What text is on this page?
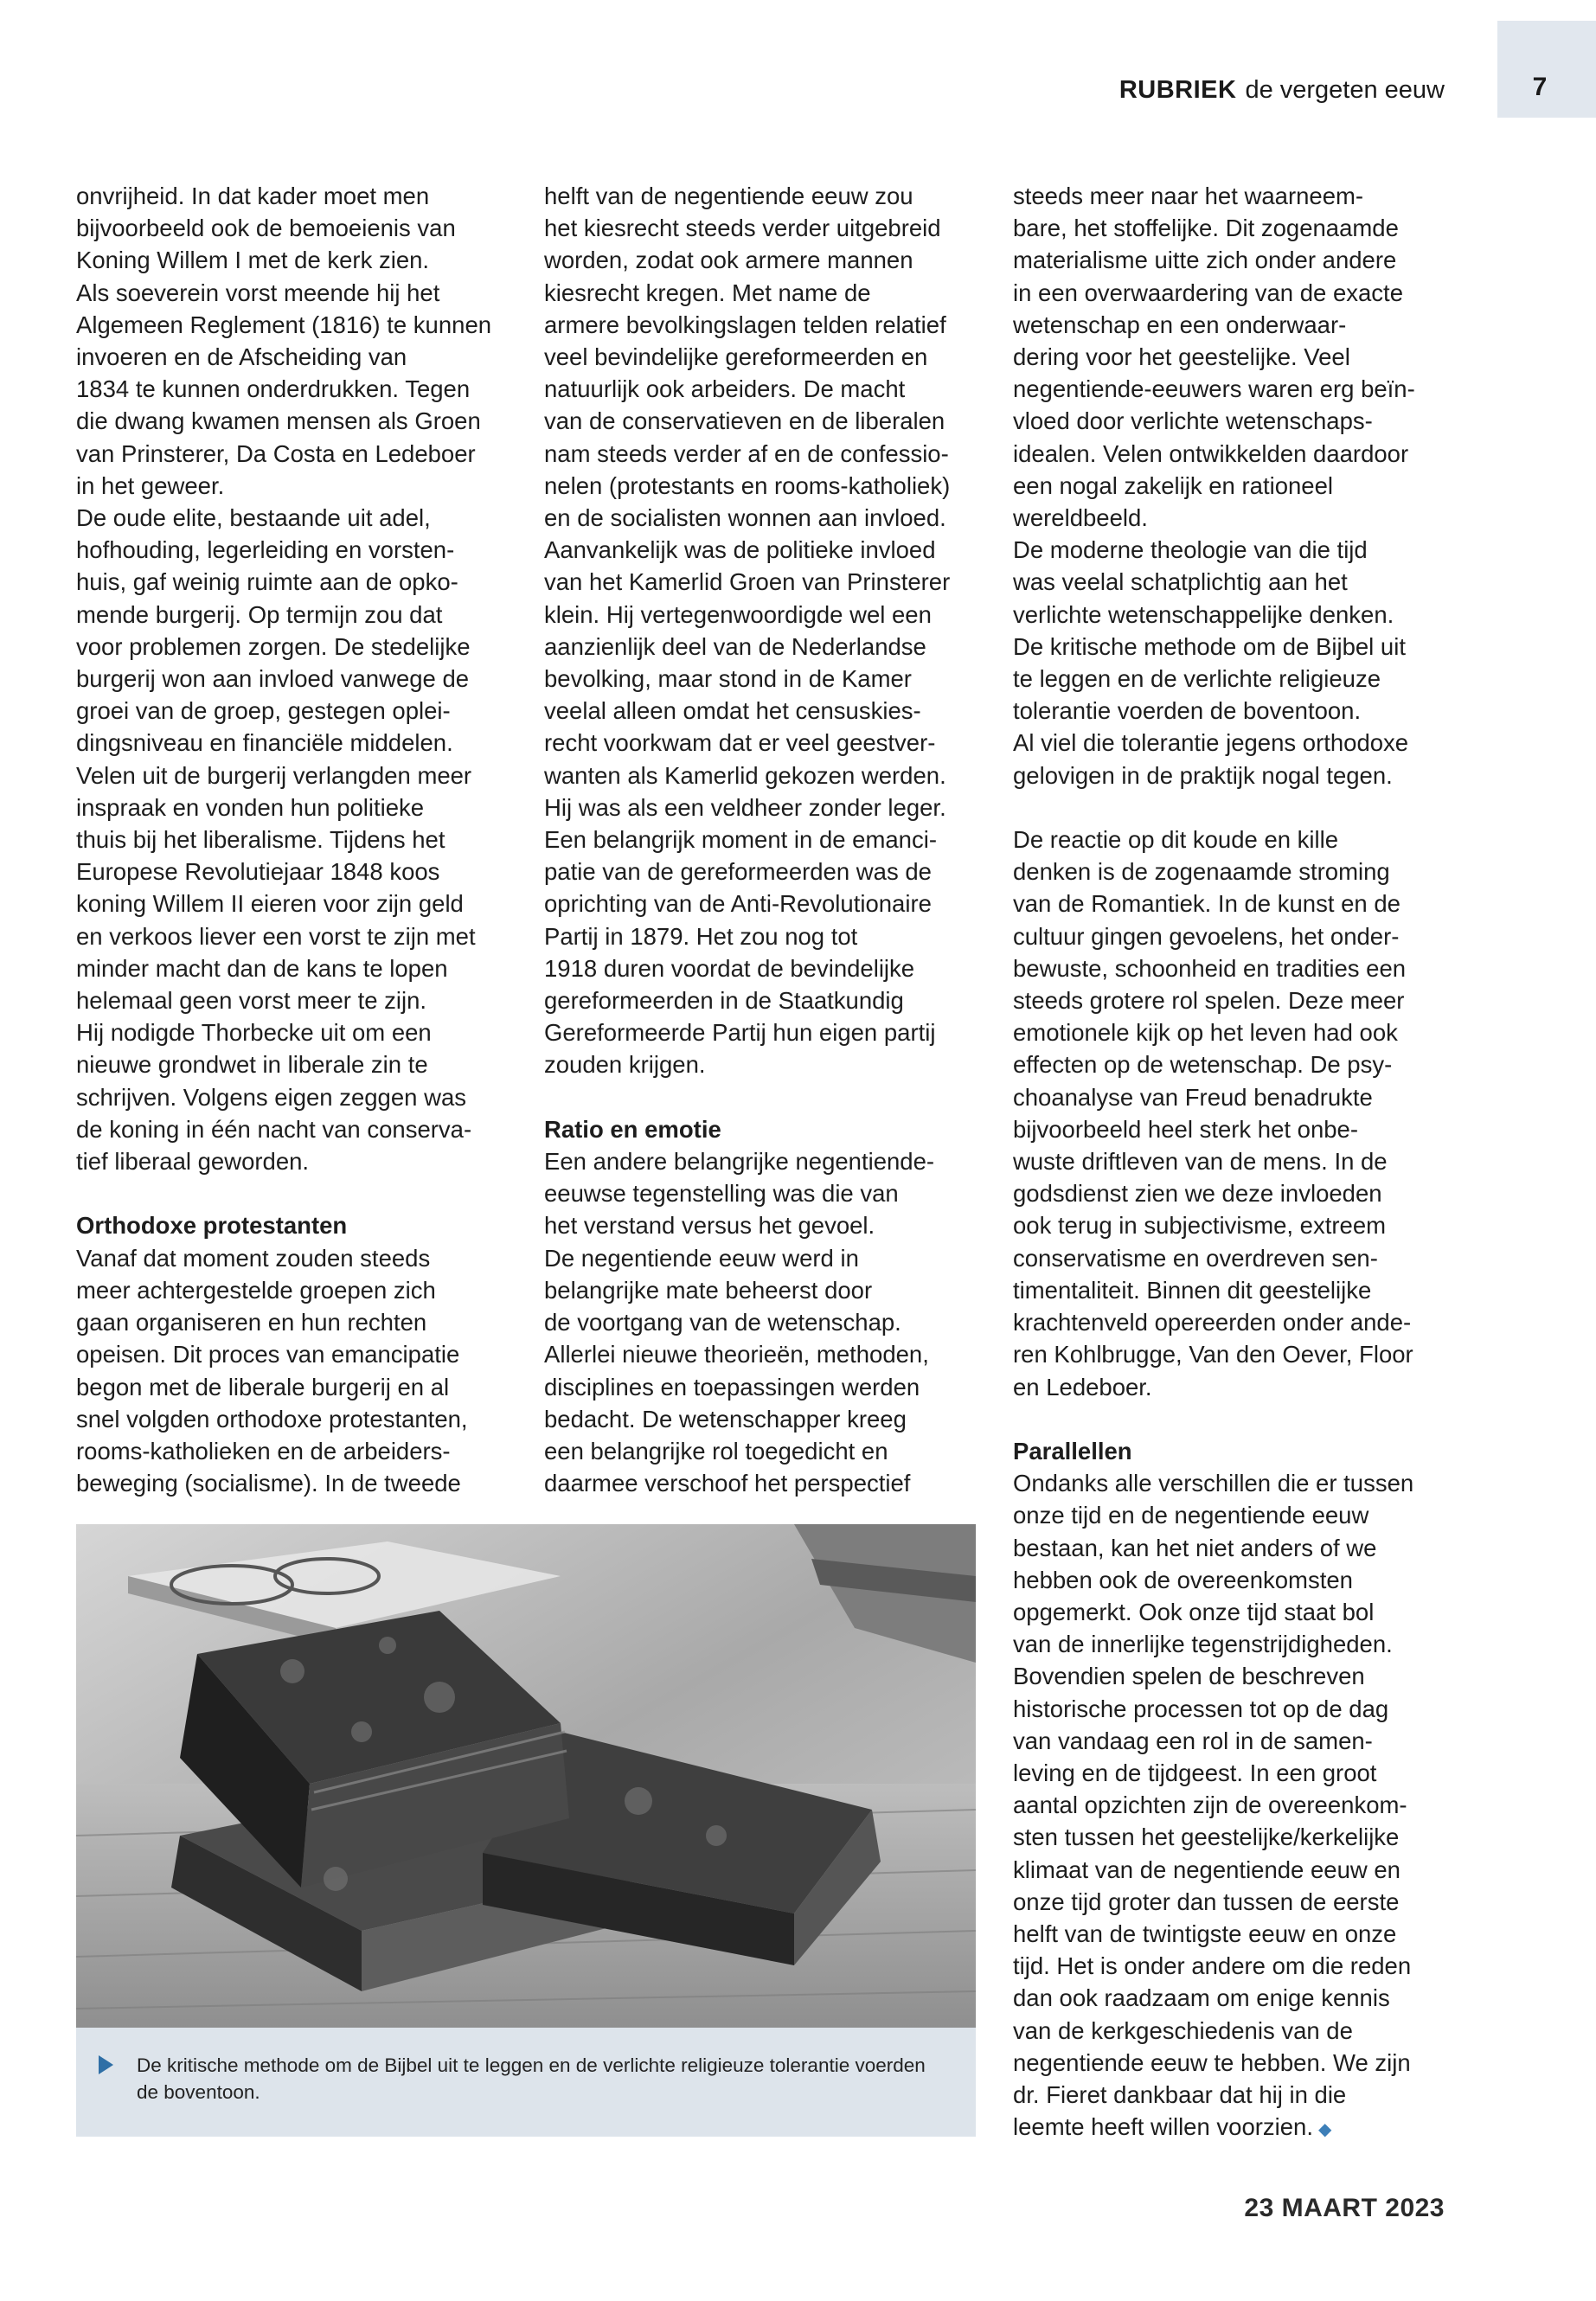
7
RUBRIEK de vergeten eeuw
onvrijheid. In dat kader moet men
bijvoorbeeld ook de bemoeienis van
Koning Willem I met de kerk zien.
Als soeverein vorst meende hij het
Algemeen Reglement (1816) te kunnen
invoeren en de Afscheiding van
1834 te kunnen onderdrukken. Tegen
die dwang kwamen mensen als Groen
van Prinsterer, Da Costa en Ledeboer
in het geweer.
De oude elite, bestaande uit adel,
hofhouding, legerleiding en vorsten-
huis, gaf weinig ruimte aan de opko-
mende burgerij. Op termijn zou dat
voor problemen zorgen. De stedelijke
burgerij won aan invloed vanwege de
groei van de groep, gestegen oplei-
dingsniveau en financiële middelen.
Velen uit de burgerij verlangden meer
inspraak en vonden hun politieke
thuis bij het liberalisme. Tijdens het
Europese Revolutiejaar 1848 koos
koning Willem II eieren voor zijn geld
en verkoos liever een vorst te zijn met
minder macht dan de kans te lopen
helemaal geen vorst meer te zijn.
Hij nodigde Thorbecke uit om een
nieuwe grondwet in liberale zin te
schrijven. Volgens eigen zeggen was
de koning in één nacht van conserva-
tief liberaal geworden.
Orthodoxe protestanten
Vanaf dat moment zouden steeds
meer achtergestelde groepen zich
gaan organiseren en hun rechten
opeisen. Dit proces van emancipatie
begon met de liberale burgerij en al
snel volgden orthodoxe protestanten,
rooms-katholieken en de arbeiders-
beweging (socialisme). In de tweede
helft van de negentiende eeuw zou
het kiesrecht steeds verder uitgebreid
worden, zodat ook armere mannen
kiesrecht kregen. Met name de
armere bevolkingslagen telden relatief
veel bevindelijke gereformeerden en
natuurlijk ook arbeiders. De macht
van de conservatieven en de liberalen
nam steeds verder af en de confessio-
nelen (protestants en rooms-katholiek)
en de socialisten wonnen aan invloed.
Aanvankelijk was de politieke invloed
van het Kamerlid Groen van Prinsterer
klein. Hij vertegenwoordigde wel een
aanzienlijk deel van de Nederlandse
bevolking, maar stond in de Kamer
veelal alleen omdat het censuskies-
recht voorkwam dat er veel geestver-
wanten als Kamerlid gekozen werden.
Hij was als een veldheer zonder leger.
Een belangrijk moment in de emanci-
patie van de gereformeerden was de
oprichting van de Anti-Revolutionaire
Partij in 1879. Het zou nog tot
1918 duren voordat de bevindelijke
gereformeerden in de Staatkundig
Gereformeerde Partij hun eigen partij
zouden krijgen.
Ratio en emotie
Een andere belangrijke negentiende-
eeuwse tegenstelling was die van
het verstand versus het gevoel.
De negentiende eeuw werd in
belangrijke mate beheerst door
de voortgang van de wetenschap.
Allerlei nieuwe theorieën, methoden,
disciplines en toepassingen werden
bedacht. De wetenschapper kreeg
een belangrijke rol toegedicht en
daarmee verschoof het perspectief
steeds meer naar het waarneem-
bare, het stoffelijke. Dit zogenaamde
materialisme uitte zich onder andere
in een overwaardering van de exacte
wetenschap en een onderwaar-
dering voor het geestelijke. Veel
negentiende-eeuwers waren erg beïn-
vloed door verlichte wetenschaps-
idealen. Velen ontwikkelden daardoor
een nogal zakelijk en rationeel
wereldbeeld.
De moderne theologie van die tijd
was veelal schatplichtig aan het
verlichte wetenschappelijke denken.
De kritische methode om de Bijbel uit
te leggen en de verlichte religieuze
tolerantie voerden de boventoon.
Al viel die tolerantie jegens orthodoxe
gelovigen in de praktijk nogal tegen.
De reactie op dit koude en kille
denken is de zogenaamde stroming
van de Romantiek. In de kunst en de
cultuur gingen gevoelens, het onder-
bewuste, schoonheid en tradities een
steeds grotere rol spelen. Deze meer
emotionele kijk op het leven had ook
effecten op de wetenschap. De psy-
choanalyse van Freud benadrukte
bijvoorbeeld heel sterk het onbe-
wuste driftleven van de mens. In de
godsdienst zien we deze invloeden
ook terug in subjectivisme, extreem
conservatisme en overdreven sen-
timentaliteit. Binnen dit geestelijke
krachtenveld opereerden onder ande-
ren Kohlbrugge, Van den Oever, Floor
en Ledeboer.
Parallellen
Ondanks alle verschillen die er tussen
onze tijd en de negentiende eeuw
bestaan, kan het niet anders of we
hebben ook de overeenkomsten
opgemerkt. Ook onze tijd staat bol
van de innerlijke tegenstrijdigheden.
Bovendien spelen de beschreven
historische processen tot op de dag
van vandaag een rol in de samen-
leving en de tijdgeest. In een groot
aantal opzichten zijn de overeenkom-
sten tussen het geestelijke/kerkelijke
klimaat van de negentiende eeuw en
onze tijd groter dan tussen de eerste
helft van de twintigste eeuw en onze
tijd. Het is onder andere om die reden
dan ook raadzaam om enige kennis
van de kerkgeschiedenis van de
negentiende eeuw te hebben. We zijn
dr. Fieret dankbaar dat hij in die
leemte heeft willen voorzien. ◆
De kritische methode om de Bijbel uit te leggen en de verlichte religieuze tolerantie voerden de boventoon.
23 MAART 2023
